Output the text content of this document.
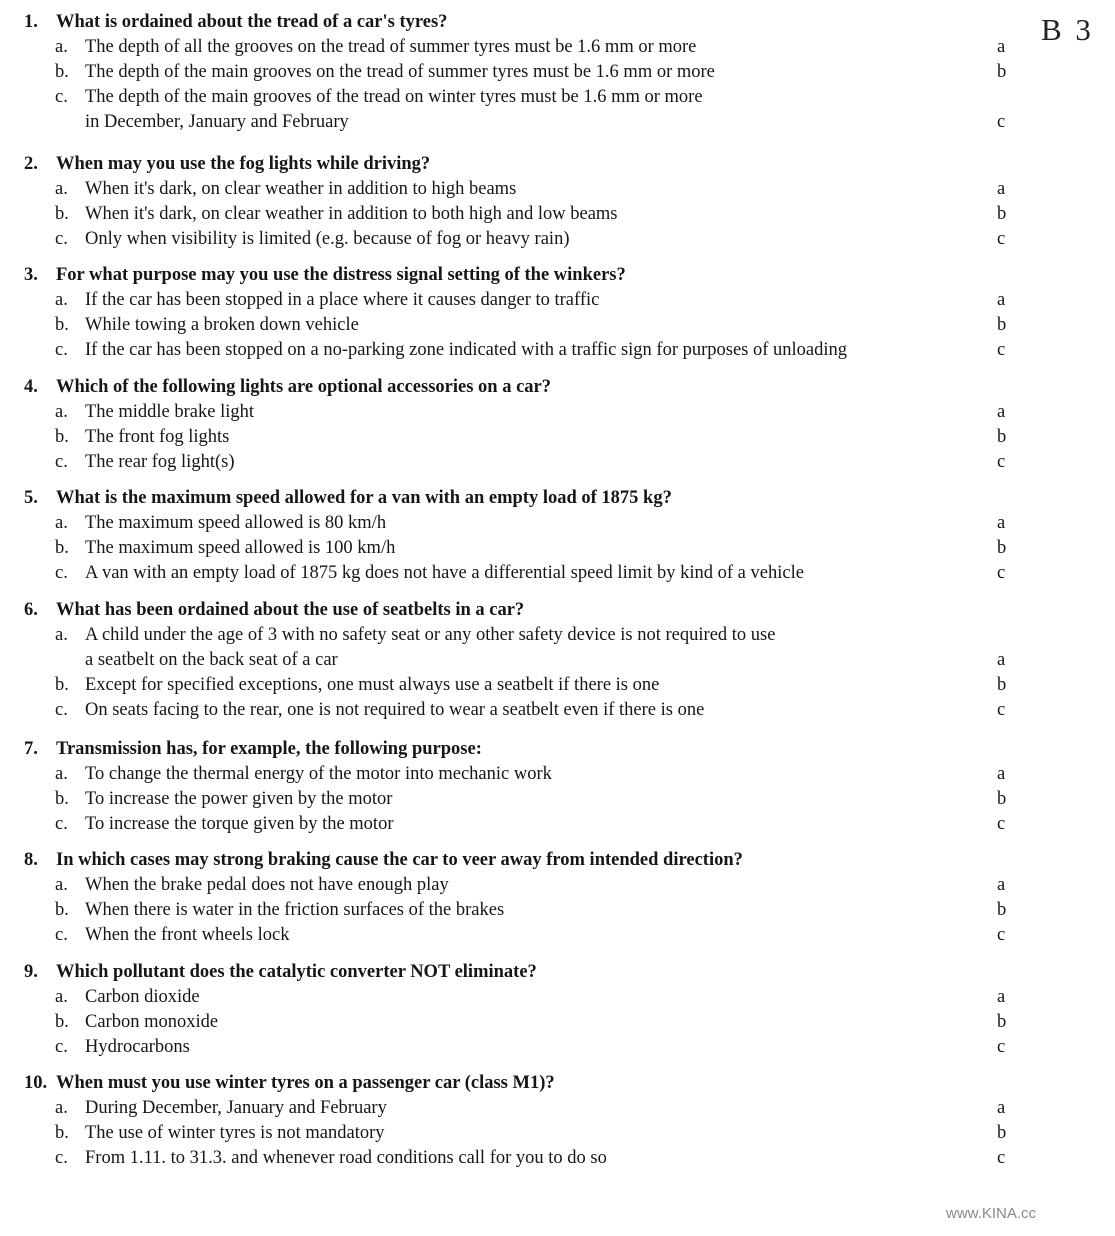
B 3
1. What is ordained about the tread of a car's tyres?
a. The depth of all the grooves on the tread of summer tyres must be 1.6 mm or more	a
b. The depth of the main grooves on the tread of summer tyres must be 1.6 mm or more	b
c. The depth of the main grooves of the tread on winter tyres must be 1.6 mm or more
in December, January and February	c
2. When may you use the fog lights while driving?
a. When it's dark, on clear weather in addition to high beams	a
b. When it's dark, on clear weather in addition to both high and low beams	b
c. Only when visibility is limited (e.g. because of fog or heavy rain)	c
3. For what purpose may you use the distress signal setting of the winkers?
a. If the car has been stopped in a place where it causes danger to traffic	a
b. While towing a broken down vehicle	b
c. If the car has been stopped on a no-parking zone indicated with a traffic sign for purposes of unloading	c
4. Which of the following lights are optional accessories on a car?
a. The middle brake light	a
b. The front fog lights	b
c. The rear fog light(s)	c
5. What is the maximum speed allowed for a van with an empty load of 1875 kg?
a. The maximum speed allowed is 80 km/h	a
b. The maximum speed allowed is 100 km/h	b
c. A van with an empty load of 1875 kg does not have a differential speed limit by kind of a vehicle	c
6. What has been ordained about the use of seatbelts in a car?
a. A child under the age of 3 with no safety seat or any other safety device is not required to use
a seatbelt on the back seat of a car	a
b. Except for specified exceptions, one must always use a seatbelt if there is one	b
c. On seats facing to the rear, one is not required to wear a seatbelt even if there is one	c
7. Transmission has, for example, the following purpose:
a. To change the thermal energy of the motor into mechanic work	a
b. To increase the power given by the motor	b
c. To increase the torque given by the motor	c
8. In which cases may strong braking cause the car to veer away from intended direction?
a. When the brake pedal does not have enough play	a
b. When there is water in the friction surfaces of the brakes	b
c. When the front wheels lock	c
9. Which pollutant does the catalytic converter NOT eliminate?
a. Carbon dioxide	a
b. Carbon monoxide	b
c. Hydrocarbons	c
10. When must you use winter tyres on a passenger car (class M1)?
a. During December, January and February	a
b. The use of winter tyres is not mandatory	b
c. From 1.11. to 31.3. and whenever road conditions call for you to do so	c
www.KINA.cc
